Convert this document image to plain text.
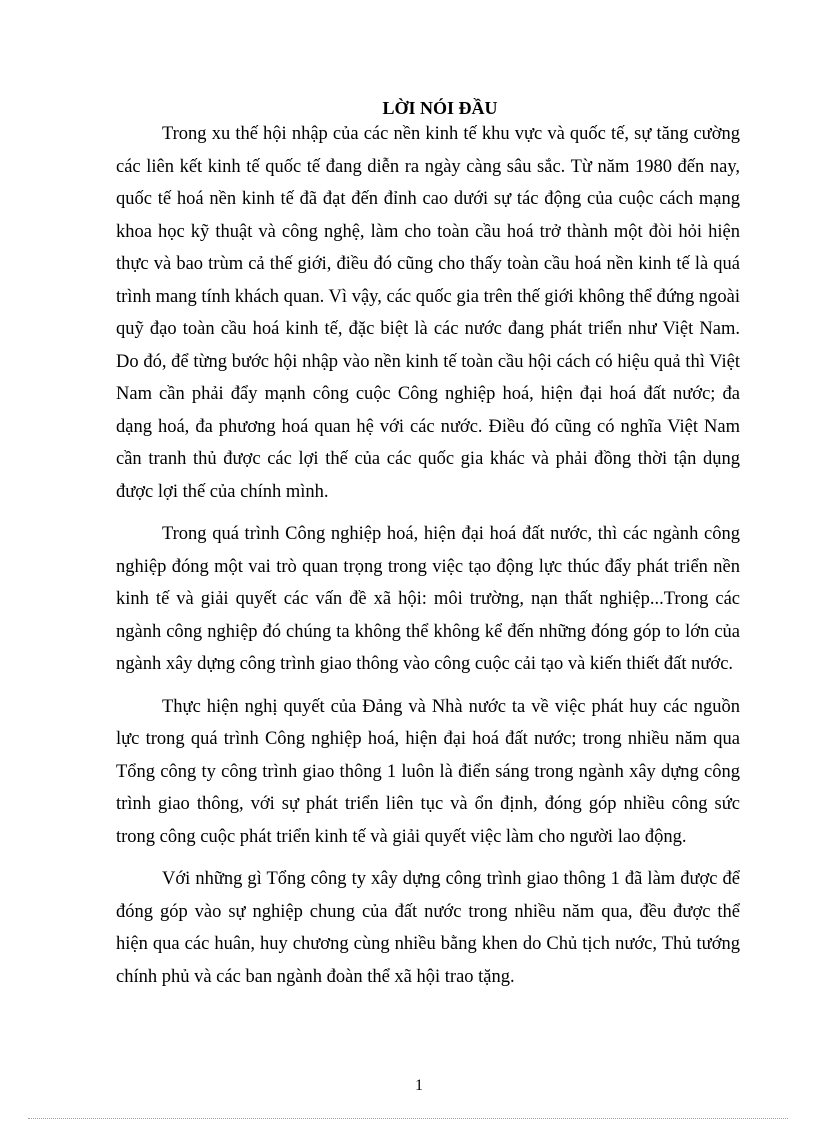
LỜI NÓI ĐẦU

Trong xu thế hội nhập của các nền kinh tế khu vực và quốc tế, sự tăng cường các liên kết kinh tế quốc tế đang diễn ra ngày càng sâu sắc. Từ năm 1980 đến nay, quốc tế hoá nền kinh tế đã đạt đến đỉnh cao dưới sự tác động của cuộc cách mạng khoa học kỹ thuật và công nghệ, làm cho toàn cầu hoá trở thành một đòi hỏi hiện thực và bao trùm cả thế giới, điều đó cũng cho thấy toàn cầu hoá nền kinh tế là quá trình mang tính khách quan. Vì vậy, các quốc gia trên thế giới không thể đứng ngoài quỹ đạo toàn cầu hoá kinh tế, đặc biệt là các nước đang phát triển như Việt Nam. Do đó, để từng bước hội nhập vào nền kinh tế toàn cầu hội cách có hiệu quả thì Việt Nam cần phải đẩy mạnh công cuộc Công nghiệp hoá, hiện đại hoá đất nước; đa dạng hoá, đa phương hoá quan hệ với các nước. Điều đó cũng có nghĩa Việt Nam cần tranh thủ được các lợi thế của các quốc gia khác và phải đồng thời tận dụng được lợi thế của chính mình.

Trong quá trình Công nghiệp hoá, hiện đại hoá đất nước, thì các ngành công nghiệp đóng một vai trò quan trọng trong việc tạo động lực thúc đẩy phát triển nền kinh tế và giải quyết các vấn đề xã hội: môi trường, nạn thất nghiệp...Trong các ngành công nghiệp đó chúng ta không thể không kể đến những đóng góp to lớn của ngành xây dựng công trình giao thông vào công cuộc cải tạo và kiến thiết đất nước.

Thực hiện nghị quyết của Đảng và Nhà nước ta về việc phát huy các nguồn lực trong quá trình Công nghiệp hoá, hiện đại hoá đất nước; trong nhiều năm qua Tổng công ty công trình giao thông 1 luôn là điển sáng trong ngành xây dựng công trình giao thông, với sự phát triển liên tục và ổn định, đóng góp nhiều công sức trong công cuộc phát triển kinh tế và giải quyết việc làm cho người lao động.

Với những gì Tổng công ty xây dựng công trình giao thông 1 đã làm được để đóng góp vào sự nghiệp chung của đất nước trong nhiều năm qua, đều được thể hiện qua các huân, huy chương cùng nhiều bằng khen do Chủ tịch nước, Thủ tướng chính phủ và các ban ngành đoàn thể xã hội trao tặng.

1
